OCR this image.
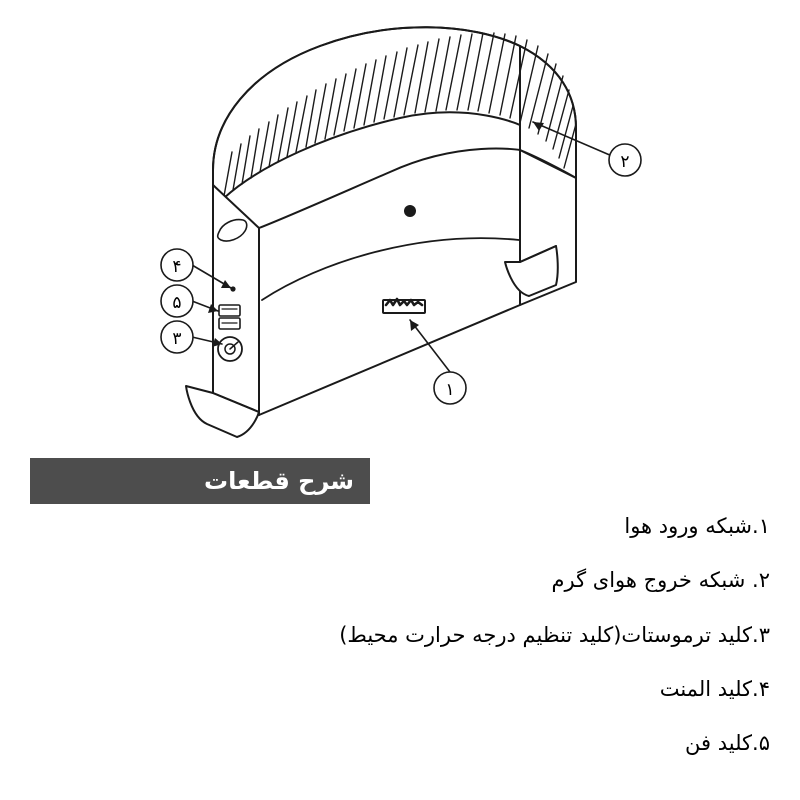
۱
۲
۳
۴
۵
شرح قطعات
۱.شبکه ورود هوا
۲. شبکه خروج هوای گرم
۳.کلید ترموستات(کلید تنظیم درجه حرارت محیط)
۴.کلید المنت
۵.کلید فن
